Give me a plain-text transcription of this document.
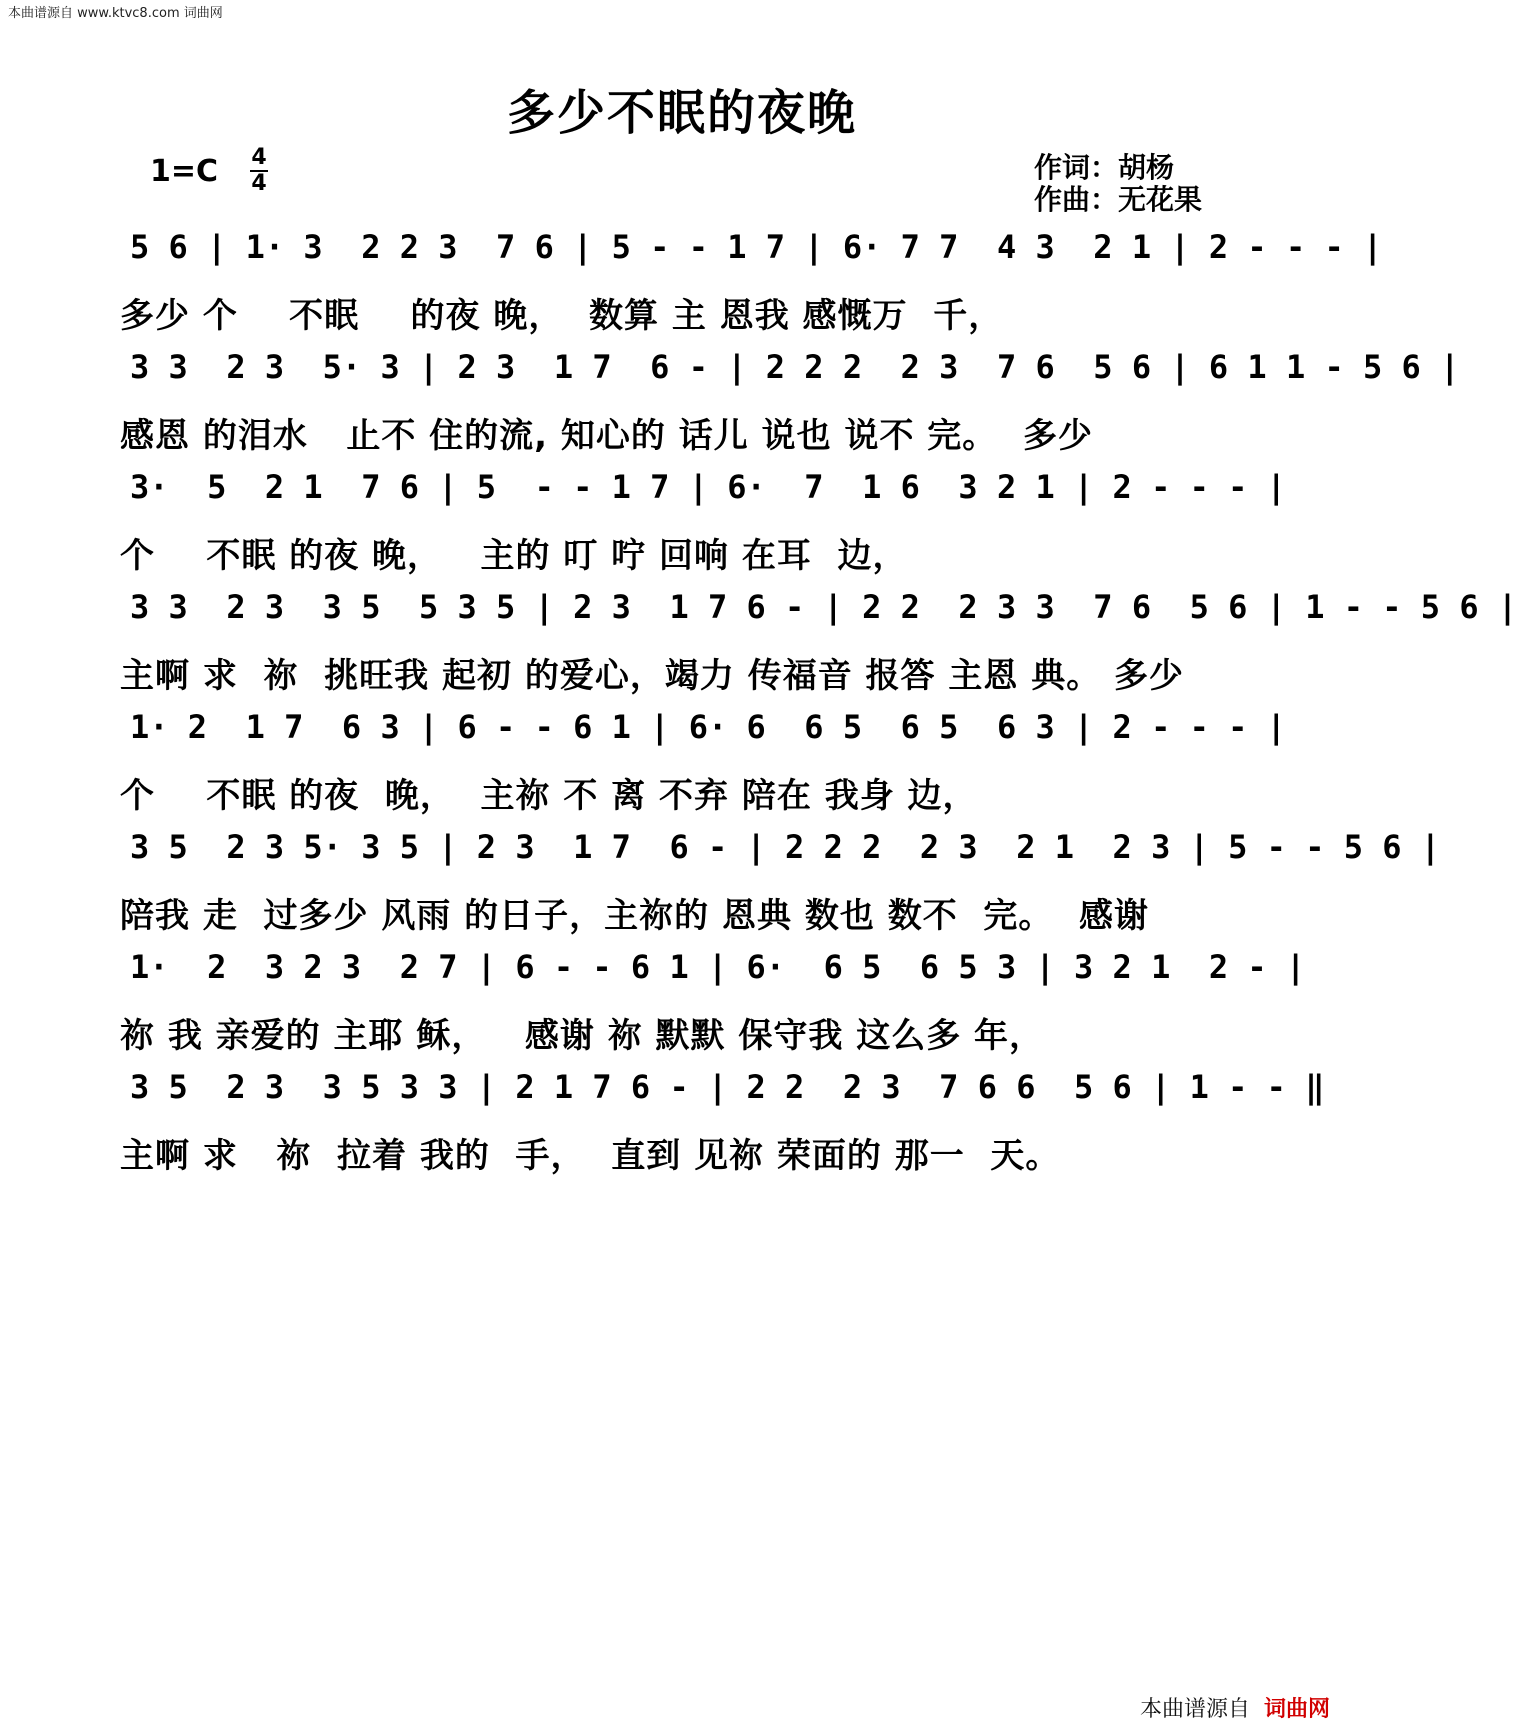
本曲谱源自 www.ktvc8.com 词曲网
多少不眠的夜晚
1=C 4
4	作词：胡杨
作曲：无花果
5 6 | 1· 3  2 2 3  7 6 | 5 - - 1 7 | 6· 7 7  4 3  2 1 | 2 - - - |
多少 个    不眠    的夜 晚，  数算 主 恩我 感慨万  千，
3 3  2 3  5· 3 | 2 3  1 7  6 - | 2 2 2  2 3  7 6  5 6 | 6 1 1 - 5 6 |
感恩 的泪水   止不 住的流, 知心的 话儿 说也 说不 完。  多少
3·  5  2 1  7 6 | 5  - - 1 7 | 6·  7  1 6  3 2 1 | 2 - - - |
个    不眠 的夜 晚，   主的 叮 咛 回响 在耳  边，
3 3  2 3  3 5  5 3 5 | 2 3  1 7 6 - | 2 2  2 3 3  7 6  5 6 | 1 - - 5 6 |
主啊 求  祢  挑旺我 起初 的爱心，竭力 传福音 报答 主恩 典。 多少
1· 2  1 7  6 3 | 6 - - 6 1 | 6· 6  6 5  6 5  6 3 | 2 - - - |
个    不眠 的夜  晚，  主祢 不 离 不弃 陪在 我身 边，
3 5  2 3 5· 3 5 | 2 3  1 7  6 - | 2 2 2  2 3  2 1  2 3 | 5 - - 5 6 |
陪我 走  过多少 风雨 的日子，主祢的 恩典 数也 数不  完。  感谢
1·  2  3 2 3  2 7 | 6 - - 6 1 | 6·  6 5  6 5 3 | 3 2 1  2 - |
祢 我 亲爱的 主耶 稣，   感谢 祢 默默 保守我 这么多 年，
3 5  2 3  3 5 3 3 | 2 1 7 6 - | 2 2  2 3  7 6 6  5 6 | 1 - - ‖
主啊 求   祢  拉着 我的  手，  直到 见祢 荣面的 那一  天。
本曲谱源自 词曲网
